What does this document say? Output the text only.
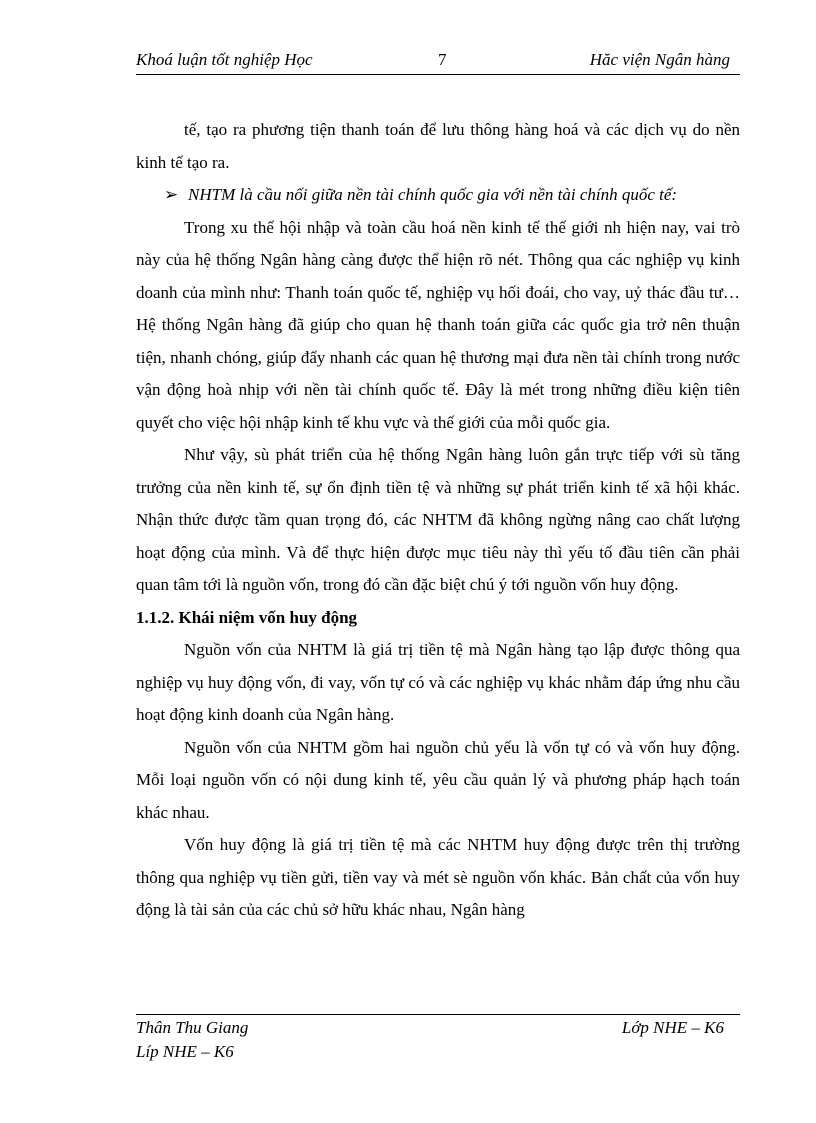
Khoá luận tốt nghiệp Học	7	Hăc viện Ngân hàng

tế, tạo ra phương tiện thanh toán để lưu thông hàng hoá và các dịch vụ do nền kinh tế tạo ra.

➢ NHTM là cầu nối giữa nền tài chính quốc gia với nền tài chính quốc tế:

Trong xu thế hội nhập và toàn cầu hoá nền kinh tế thế giới nh hiện nay, vai trò này của hệ thống Ngân hàng càng được thể hiện rõ nét. Thông qua các nghiệp vụ kinh doanh của mình như: Thanh toán quốc tế, nghiệp vụ hối đoái, cho vay, uỷ thác đầu tư…Hệ thống Ngân hàng đã giúp cho quan hệ thanh toán giữa các quốc gia trở nên thuận tiện, nhanh chóng, giúp đẩy nhanh các quan hệ thương mại đưa nền tài chính trong nước vận động hoà nhịp với nền tài chính quốc tế. Đây là mét trong những điều kiện tiên quyết cho việc hội nhập kinh tế khu vực và thế giới của mỗi quốc gia.

Như vậy, sù phát triển của hệ thống Ngân hàng luôn gắn trực tiếp với sù tăng trưởng của nền kinh tế, sự ổn định tiền tệ và những sự phát triển kinh tế xã hội khác. Nhận thức được tầm quan trọng đó, các NHTM đã không ngừng nâng cao chất lượng hoạt động của mình. Và để thực hiện được mục tiêu này thì yếu tố đầu tiên cần phải quan tâm tới là nguồn vốn, trong đó cần đặc biệt chú ý tới nguồn vốn huy động.

1.1.2. Khái niệm vốn huy động

Nguồn vốn của NHTM là giá trị tiền tệ mà Ngân hàng tạo lập được thông qua nghiệp vụ huy động vốn, đi vay, vốn tự có và các nghiệp vụ khác nhằm đáp ứng nhu cầu hoạt động kinh doanh của Ngân hàng.

Nguồn vốn của NHTM gồm hai nguồn chủ yếu là vốn tự có và vốn huy động. Mỗi loại nguồn vốn có nội dung kinh tế, yêu cầu quản lý và phương pháp hạch toán khác nhau.

Vốn huy động là giá trị tiền tệ mà các NHTM huy động được trên thị trường thông qua nghiệp vụ tiền gửi, tiền vay và mét sè nguồn vốn khác. Bản chất của vốn huy động là tài sản của các chủ sở hữu khác nhau, Ngân hàng

Thân Thu Giang	Lớp NHE – K6
Líp NHE – K6
